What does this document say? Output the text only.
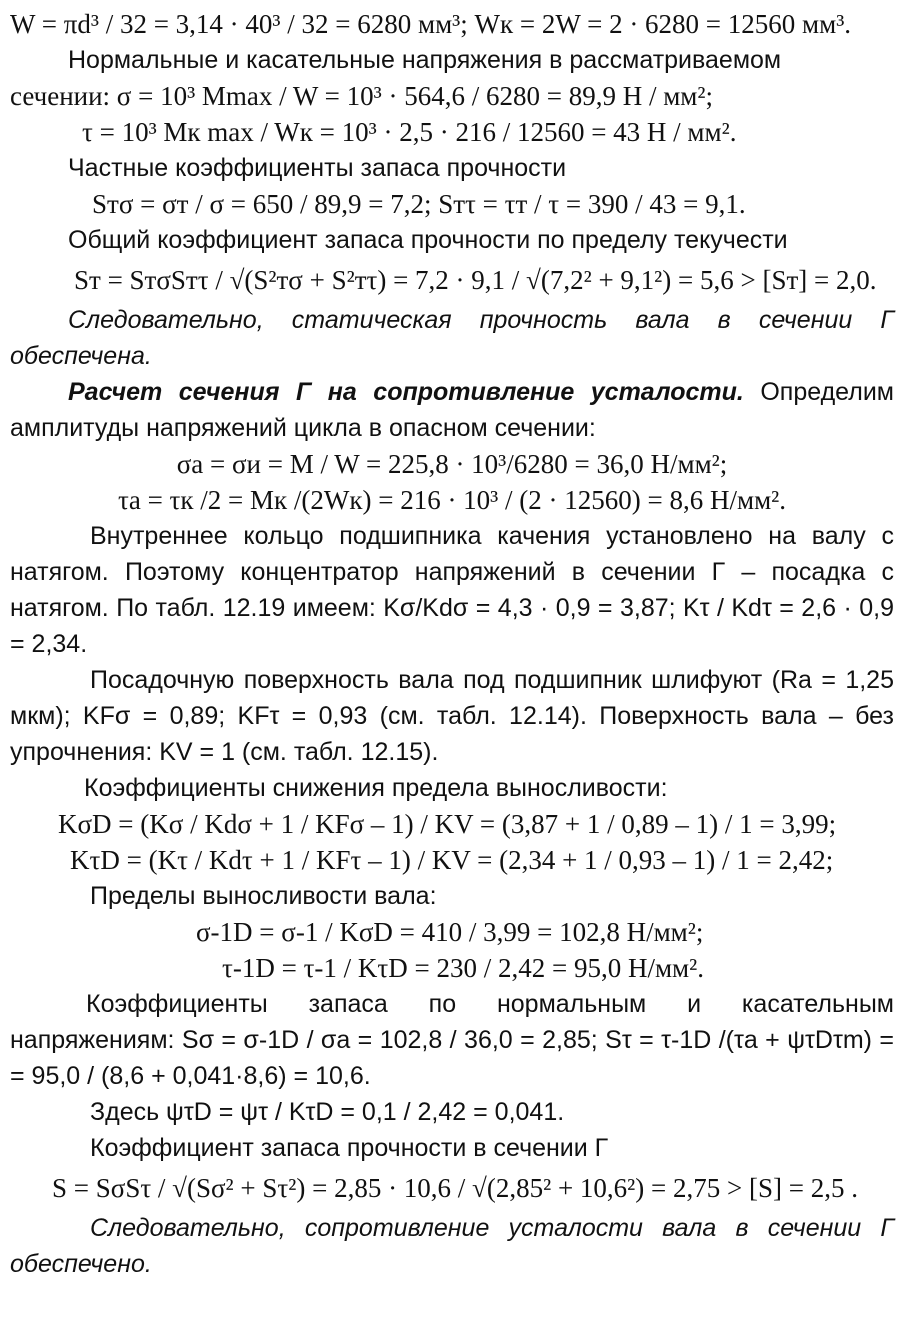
W = πd³ / 32 = 3,14 · 40³ / 32 = 6280 мм³; Wк = 2W = 2 · 6280 = 12560 мм³.
Нормальные и касательные напряжения в рассматриваемом
сечении: σ = 10³ Mmax / W = 10³ · 564,6 / 6280 = 89,9 Н / мм²;
τ = 10³ Mк max / Wк = 10³ · 2,5 · 216 / 12560 = 43 Н / мм².
Частные коэффициенты запаса прочности
Sтσ = σт / σ = 650 / 89,9 = 7,2; Sтτ = τт / τ = 390 / 43 = 9,1.
Общий коэффициент запаса прочности по пределу текучести
Sт = SтσSтτ / √(S²тσ + S²тτ) = 7,2 · 9,1 / √(7,2² + 9,1²) = 5,6 > [Sт] = 2,0.
Следовательно, статическая прочность вала в сечении Г обеспечена.
Расчет сечения Г на сопротивление усталости. Определим амплитуды напряжений цикла в опасном сечении:
σa = σи = M / W = 225,8 · 10³/6280 = 36,0 Н/мм²;
τa = τк /2 = Mк /(2Wк) = 216 · 10³ / (2 · 12560) = 8,6 Н/мм².
Внутреннее кольцо подшипника качения установлено на валу с натягом. Поэтому концентратор напряжений в сечении Г – посадка с натягом. По табл. 12.19 имеем: Kσ/Kdσ = 4,3 · 0,9 = 3,87; Kτ / Kdτ = 2,6 · 0,9 = 2,34.
Посадочную поверхность вала под подшипник шлифуют (Ra = 1,25 мкм); KFσ = 0,89; KFτ = 0,93 (см. табл. 12.14). Поверхность вала – без упрочнения: KV = 1 (см. табл. 12.15).
Коэффициенты снижения предела выносливости:
KσD = (Kσ / Kdσ + 1 / KFσ – 1) / KV = (3,87 + 1 / 0,89 – 1) / 1 = 3,99;
KτD = (Kτ / Kdτ + 1 / KFτ – 1) / KV = (2,34 + 1 / 0,93 – 1) / 1 = 2,42;
Пределы выносливости вала:
σ-1D = σ-1 / KσD = 410 / 3,99 = 102,8 Н/мм²;
τ-1D = τ-1 / KτD = 230 / 2,42 = 95,0 Н/мм².
Коэффициенты запаса по нормальным и касательным напряжениям: Sσ = σ-1D / σa = 102,8 / 36,0 = 2,85; Sτ = τ-1D /(τa + ψτDτm) = = 95,0 / (8,6 + 0,041·8,6) = 10,6.
Здесь ψτD = ψτ / KτD = 0,1 / 2,42 = 0,041.
Коэффициент запаса прочности в сечении Г
S = SσSτ / √(Sσ² + Sτ²) = 2,85 · 10,6 / √(2,85² + 10,6²) = 2,75 > [S] = 2,5 .
Следовательно, сопротивление усталости вала в сечении Г обеспечено.
